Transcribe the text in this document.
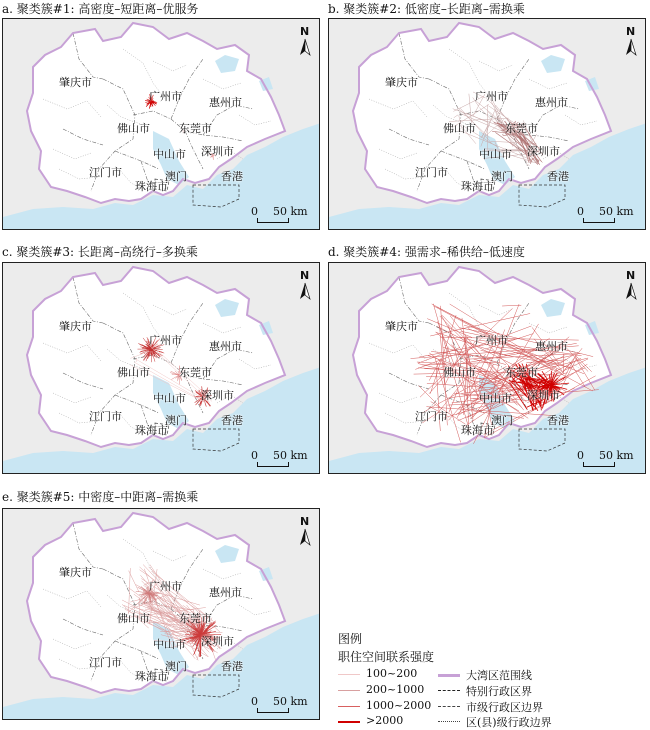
a. 聚类簇#1: 高密度–短距离–优服务	b. 聚类簇#2: 低密度–长距离–需换乘
c. 聚类簇#3: 长距离–高绕行–多换乘	d. 聚类簇#4: 强需求–稀供给–低速度
e. 聚类簇#5: 中密度–中距离–需换乘
肇庆市
广州市 惠州市
佛山市	东莞市
中山市 深圳市
江门市	澳门	香港
珠海市
N
0 50 km
肇庆市
广州市 惠州市
佛山市	东莞市
中山市 深圳市
江门市	澳门	香港
珠海市
N
0 50 km
肇庆市
广州市 惠州市
佛山市	东莞市
中山市 深圳市
江门市	澳门	香港
珠海市
N
0 50 km
肇庆市
广州市 惠州市
佛山市	东莞市
中山市 深圳市
江门市	澳门	香港
珠海市
N
0 50 km
肇庆市
广州市 惠州市
佛山市	东莞市
中山市 深圳市
江门市	澳门	香港
珠海市
N
0 50 km
图例
职住空间联系强度
100~200
200~1000
1000~2000
>2000
大湾区范围线
特别行政区界
市级行政区边界
区(县)级行政边界
